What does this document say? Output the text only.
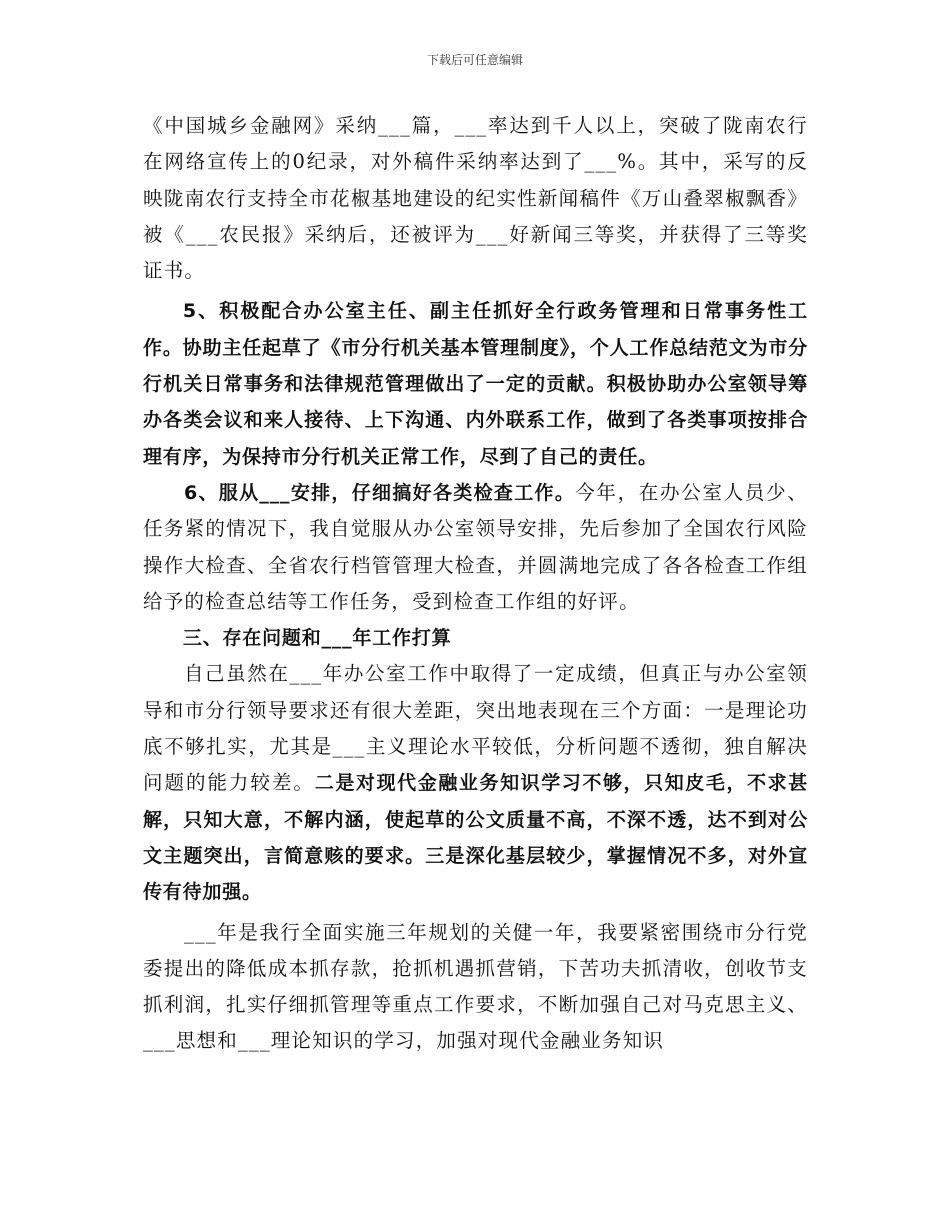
下载后可任意编辑

《中国城乡金融网》采纳___篇，___率达到千人以上，突破了陇南农行在网络宣传上的0纪录，对外稿件采纳率达到了___%。其中，采写的反映陇南农行支持全市花椒基地建设的纪实性新闻稿件《万山叠翠椒飘香》被《___农民报》采纳后，还被评为___好新闻三等奖，并获得了三等奖证书。

5、积极配合办公室主任、副主任抓好全行政务管理和日常事务性工作。协助主任起草了《市分行机关基本管理制度》，个人工作总结范文为市分行机关日常事务和法律规范管理做出了一定的贡献。积极协助办公室领导筹办各类会议和来人接待、上下沟通、内外联系工作，做到了各类事项按排合理有序，为保持市分行机关正常工作，尽到了自己的责任。

6、服从___安排，仔细搞好各类检查工作。今年，在办公室人员少、任务紧的情况下，我自觉服从办公室领导安排，先后参加了全国农行风险操作大检查、全省农行档管管理大检查，并圆满地完成了各各检查工作组给予的检查总结等工作任务，受到检查工作组的好评。

三、存在问题和___年工作打算

自己虽然在___年办公室工作中取得了一定成绩，但真正与办公室领导和市分行领导要求还有很大差距，突出地表现在三个方面：一是理论功底不够扎实，尤其是___主义理论水平较低，分析问题不透彻，独自解决问题的能力较差。二是对现代金融业务知识学习不够，只知皮毛，不求甚解，只知大意，不解内涵，使起草的公文质量不高，不深不透，达不到对公文主题突出，言简意赅的要求。三是深化基层较少，掌握情况不多，对外宣传有待加强。

___年是我行全面实施三年规划的关健一年，我要紧密围绕市分行党委提出的降低成本抓存款，抢抓机遇抓营销，下苦功夫抓清收，创收节支抓利润，扎实仔细抓管理等重点工作要求，不断加强自己对马克思主义、___思想和___理论知识的学习，加强对现代金融业务知识
